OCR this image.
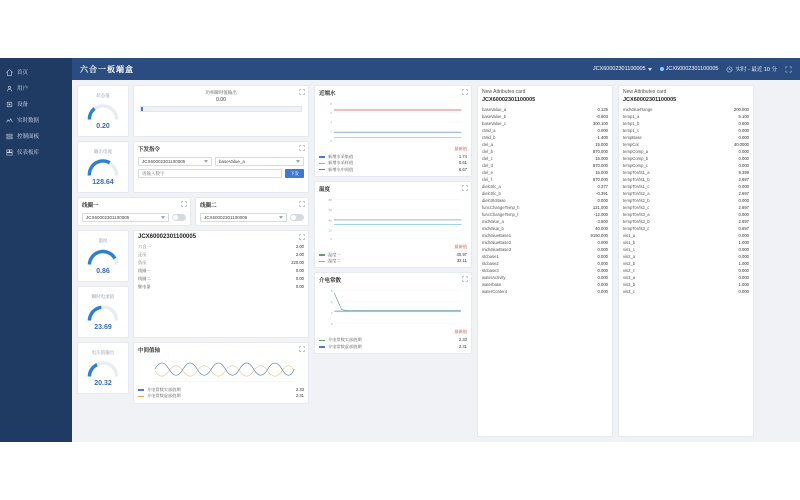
首页
用户
设备
实时数据
控制面板
仪表板库
六合一板端盒	JCX60002301100005	JCX60002301100005	实时 - 最近 10 分
状态值
0.20
功率瞬时值输出
0.00
输出电流
128.64
下发指令
JCX60002301100005	baseValue_a
请输入数字
下发
线圈一
JCX60002301100005
线圈二
JCX60002301100005
温度
0.86
瞬时电流值
23.69
JCX60002301100005
六合一	2.00
正压	2.00
负压	220.00
线圈一	0.00
线圈二	0.00
继电器	0.00
电压值输出
20.32
中间值轴
介电常数实部值期	2.33
介电常数虚部值期	2.31
近端水
8
6
4
2
0
最新值
新增水采集值	1.74
新增水采样值	0.61
新增水中间值	6.67
温度
80
60
40
20
0
最新值
温度一	40.97
温度二	32.11
介电常数
6
4
2
0
最新值
介电常数实部值期	2.33
介电常数虚部值期	2.31
New Attributes card
JCX60002301100005
baseValue_a	0.125
baseValue_b	-0.903
baseValue_c	300.100
cMid_a	0.000
cMid_b	-1.400
clel_a	15.000
clel_b	870.000
clel_c	15.000
clel_d	870.000
clel_e	15.000
clel_f	870.000
dielctrlc_a	0.377
dielctrlc_b	-0.391
dielctrlcBase	0.000
funcChangeTemp_h	121.000
funcChangeTemp_l	-12.000
midValue_a	-3.500
midValue_b	40.000
midValueBase1	9150.000
midValueBase2	0.000
midValueBase3	0.000
stcbase1	0.000
stcbase2	0.000
stcbase3	0.000
waterActivity	0.000
waterbase	0.000
waterContent	0.000
New Attributes card
JCX60002301100005
midValueRange	200.000
temp1_a	5.100
temp1_b	0.600
temp1_c	0.000
tempBase	0.000
tempCal	40.0000
tempComp_a	0.000
tempComp_b	0.000
tempComp_c	0.000
tempToVls1_a	9.399
tempToVls1_b	2.697
tempToVls1_c	0.000
tempToVls2_a	2.697
tempToVls2_b	0.000
tempToVls2_c	2.697
tempToVls3_a	0.000
tempToVls3_b	2.697
tempToVls3_c	0.697
vis1_a	0.000
vis1_b	1.000
vis1_c	0.000
vis2_a	0.000
vis2_b	1.000
vis2_c	0.000
vis3_a	0.000
vis3_b	1.000
vis3_c	0.000
